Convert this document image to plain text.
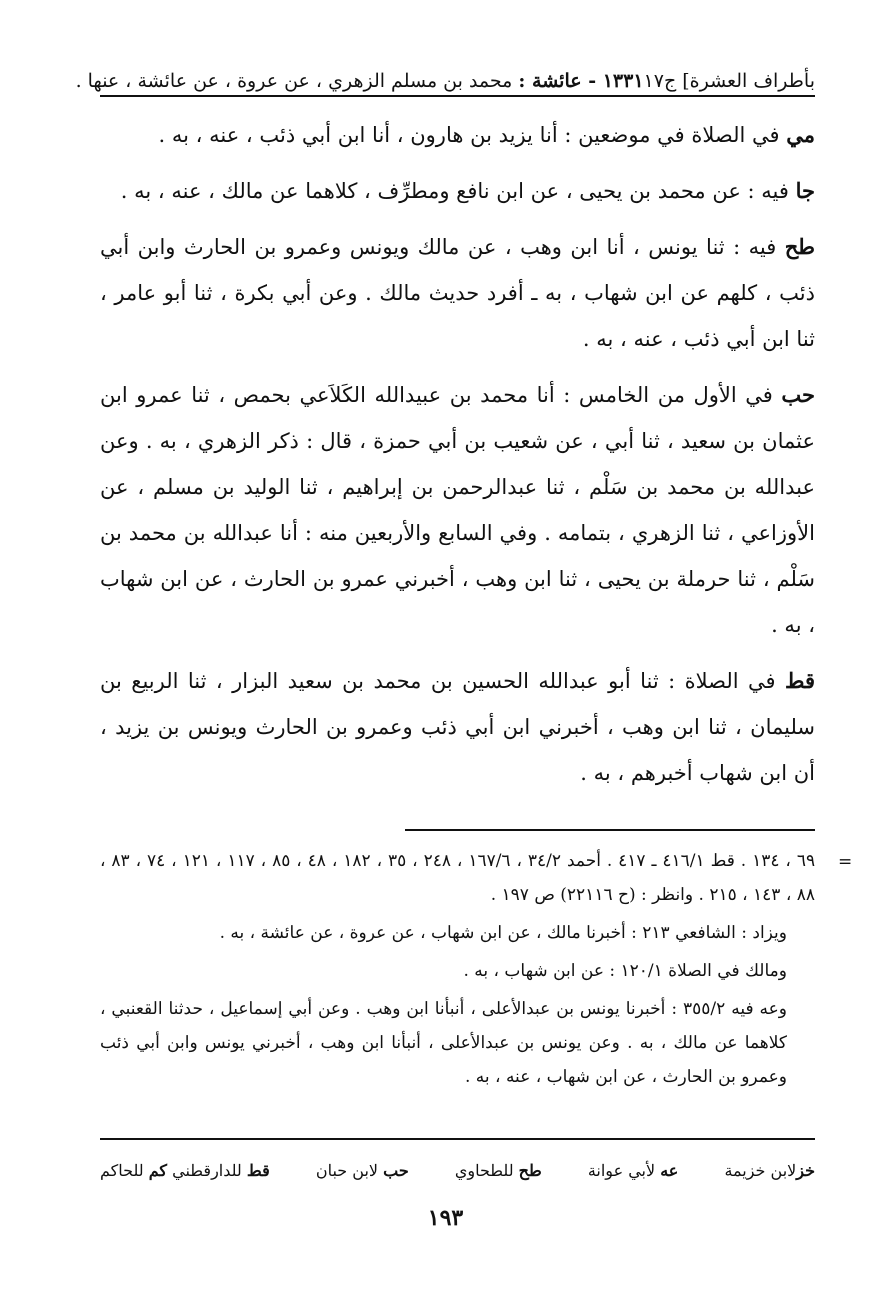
بأطراف العشرة] ج١٧
١٣٣١ - عائشة : محمد بن مسلم الزهري ، عن عروة ، عن عائشة ، عنها .

مي في الصلاة في موضعين : أنا يزيد بن هارون ، أنا ابن أبي ذئب ، عنه ، به .

جا فيه : عن محمد بن يحيى ، عن ابن نافع ومطرِّف ، كلاهما عن مالك ، عنه ، به .

طح فيه : ثنا يونس ، أنا ابن وهب ، عن مالك ويونس وعمرو بن الحارث وابن أبي ذئب ، كلهم عن ابن شهاب ، به ـ أفرد حديث مالك . وعن أبي بكرة ، ثنا أبو عامر ، ثنا ابن أبي ذئب ، عنه ، به .

حب في الأول من الخامس : أنا محمد بن عبيدالله الكَلاَعي بحمص ، ثنا عمرو ابن عثمان بن سعيد ، ثنا أبي ، عن شعيب بن أبي حمزة ، قال : ذكر الزهري ، به . وعن عبدالله بن محمد بن سَلْم ، ثنا عبدالرحمن بن إبراهيم ، ثنا الوليد بن مسلم ، عن الأوزاعي ، ثنا الزهري ، بتمامه . وفي السابع والأربعين منه : أنا عبدالله بن محمد بن سَلْم ، ثنا حرملة بن يحيى ، ثنا ابن وهب ، أخبرني عمرو بن الحارث ، عن ابن شهاب ، به .

قط في الصلاة : ثنا أبو عبدالله الحسين بن محمد بن سعيد البزار ، ثنا الربيع بن سليمان ، ثنا ابن وهب ، أخبرني ابن أبي ذئب وعمرو بن الحارث ويونس بن يزيد ، أن ابن شهاب أخبرهم ، به .

=

٦٩ ، ١٣٤ . قط ٤١٦/١ ـ ٤١٧ . أحمد ٣٤/٢ ، ١٦٧/٦ ، ٢٤٨ ، ٣٥ ، ١٨٢ ، ٤٨ ، ٨٥ ، ١١٧ ، ١٢١ ، ٧٤ ، ٨٣ ، ٨٨ ، ١٤٣ ، ٢١٥ . وانظر : (ح ٢٢١١٦) ص ١٩٧ .

ويزاد : الشافعي ٢١٣ : أخبرنا مالك ، عن ابن شهاب ، عن عروة ، عن عائشة ، به .

ومالك في الصلاة ١٢٠/١ : عن ابن شهاب ، به .

وعه فيه ٣٥٥/٢ : أخبرنا يونس بن عبدالأعلى ، أنبأنا ابن وهب . وعن أبي إسماعيل ، حدثنا القعنبي ، كلاهما عن مالك ، به . وعن يونس بن عبدالأعلى ، أنبأنا ابن وهب ، أخبرني يونس وابن أبي ذئب وعمرو بن الحارث ، عن ابن شهاب ، عنه ، به .

خزلابن خزيمة
عه لأبي عوانة
طح للطحاوي
حب لابن حبان
قط للدارقطني كم للحاكم
١٩٣
